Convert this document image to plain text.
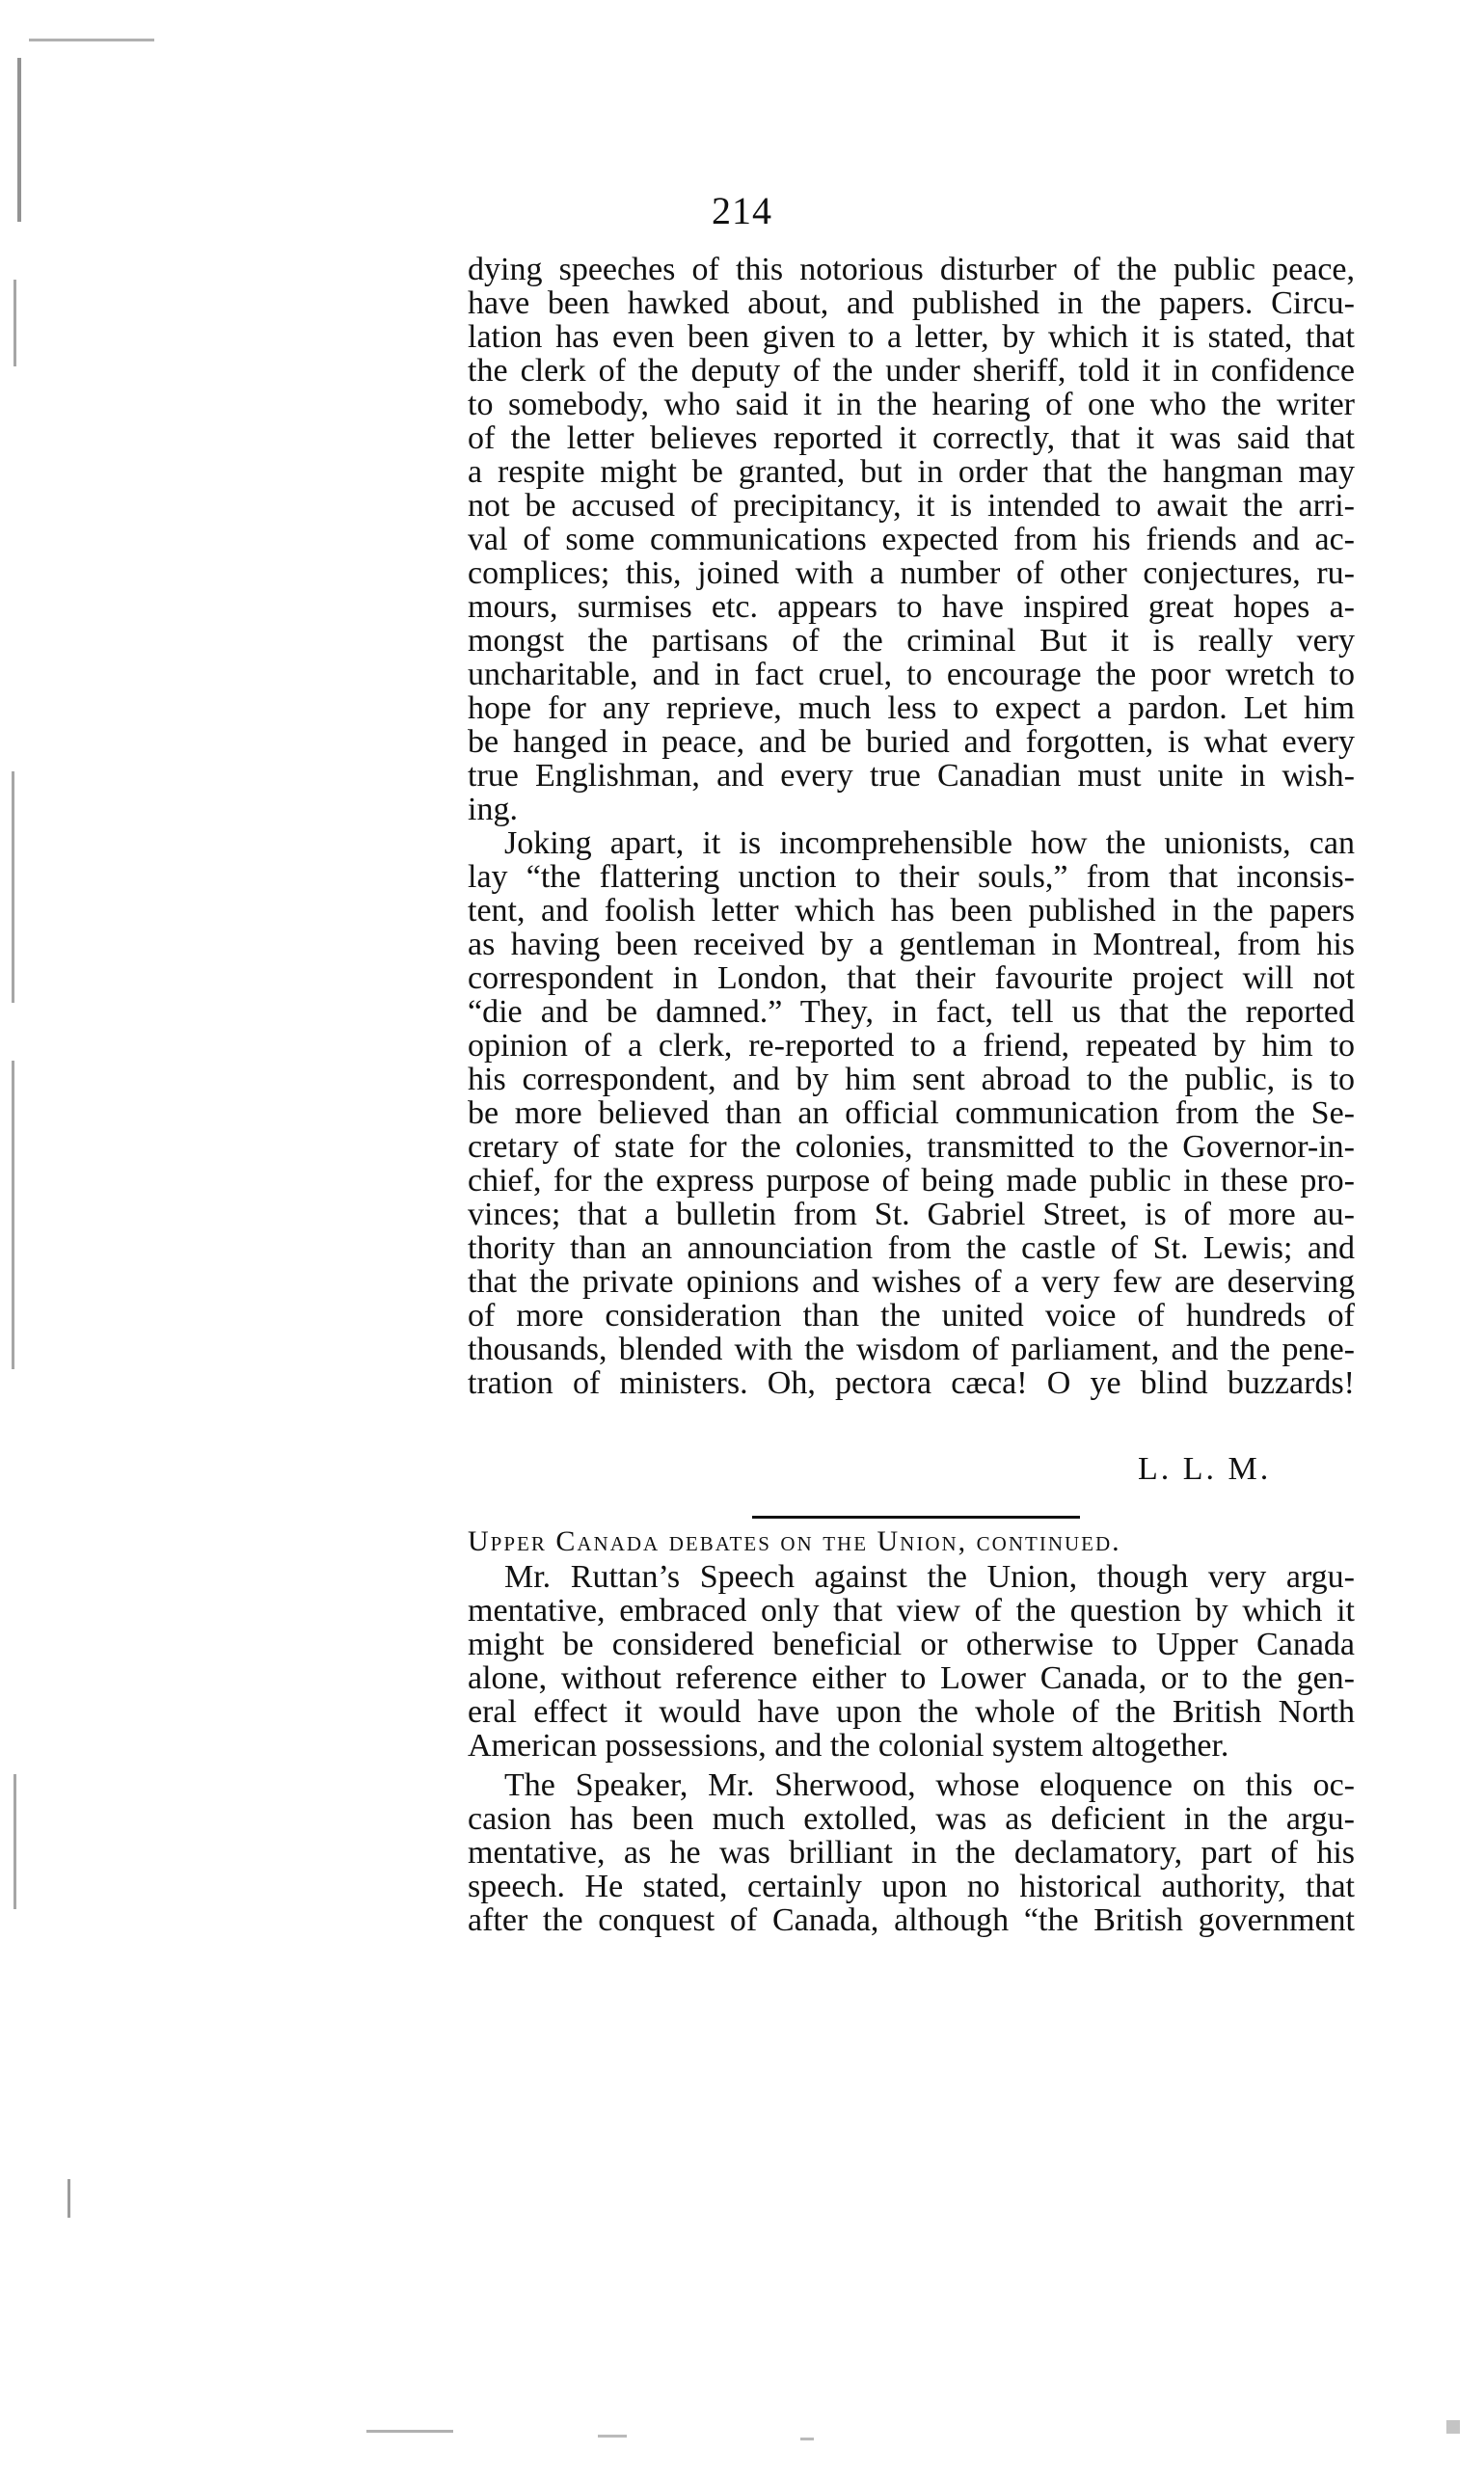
214
dying speeches of this notorious disturber of the public peace,
have been hawked about, and published in the papers. Circu-
lation has even been given to a letter, by which it is stated, that
the clerk of the deputy of the under sheriff, told it in confidence
to somebody, who said it in the hearing of one who the writer
of the letter believes reported it correctly, that it was said that
a respite might be granted, but in order that the hangman may
not be accused of precipitancy, it is intended to await the arri-
val of some communications expected from his friends and ac-
complices; this, joined with a number of other conjectures, ru-
mours, surmises etc. appears to have inspired great hopes a-
mongst the partisans of the criminal But it is really very
uncharitable, and in fact cruel, to encourage the poor wretch to
hope for any reprieve, much less to expect a pardon. Let him
be hanged in peace, and be buried and forgotten, is what every
true Englishman, and every true Canadian must unite in wish-
ing.
Joking apart, it is incomprehensible how the unionists, can
lay “the flattering unction to their souls,” from that inconsis-
tent, and foolish letter which has been published in the papers
as having been received by a gentleman in Montreal, from his
correspondent in London, that their favourite project will not
“die and be damned.” They, in fact, tell us that the reported
opinion of a clerk, re-reported to a friend, repeated by him to
his correspondent, and by him sent abroad to the public, is to
be more believed than an official communication from the Se-
cretary of state for the colonies, transmitted to the Governor-in-
chief, for the express purpose of being made public in these pro-
vinces; that a bulletin from St. Gabriel Street, is of more au-
thority than an announciation from the castle of St. Lewis; and
that the private opinions and wishes of a very few are deserving
of more consideration than the united voice of hundreds of
thousands, blended with the wisdom of parliament, and the pene-
tration of ministers. Oh, pectora cæca! O ye blind buzzards!
L. L. M.
Upper Canada debates on the Union, continued.
Mr. Ruttan’s Speech against the Union, though very argu-
mentative, embraced only that view of the question by which it
might be considered beneficial or otherwise to Upper Canada
alone, without reference either to Lower Canada, or to the gen-
eral effect it would have upon the whole of the British North
American possessions, and the colonial system altogether.
The Speaker, Mr. Sherwood, whose eloquence on this oc-
casion has been much extolled, was as deficient in the argu-
mentative, as he was brilliant in the declamatory, part of his
speech. He stated, certainly upon no historical authority, that
after the conquest of Canada, although “the British government
